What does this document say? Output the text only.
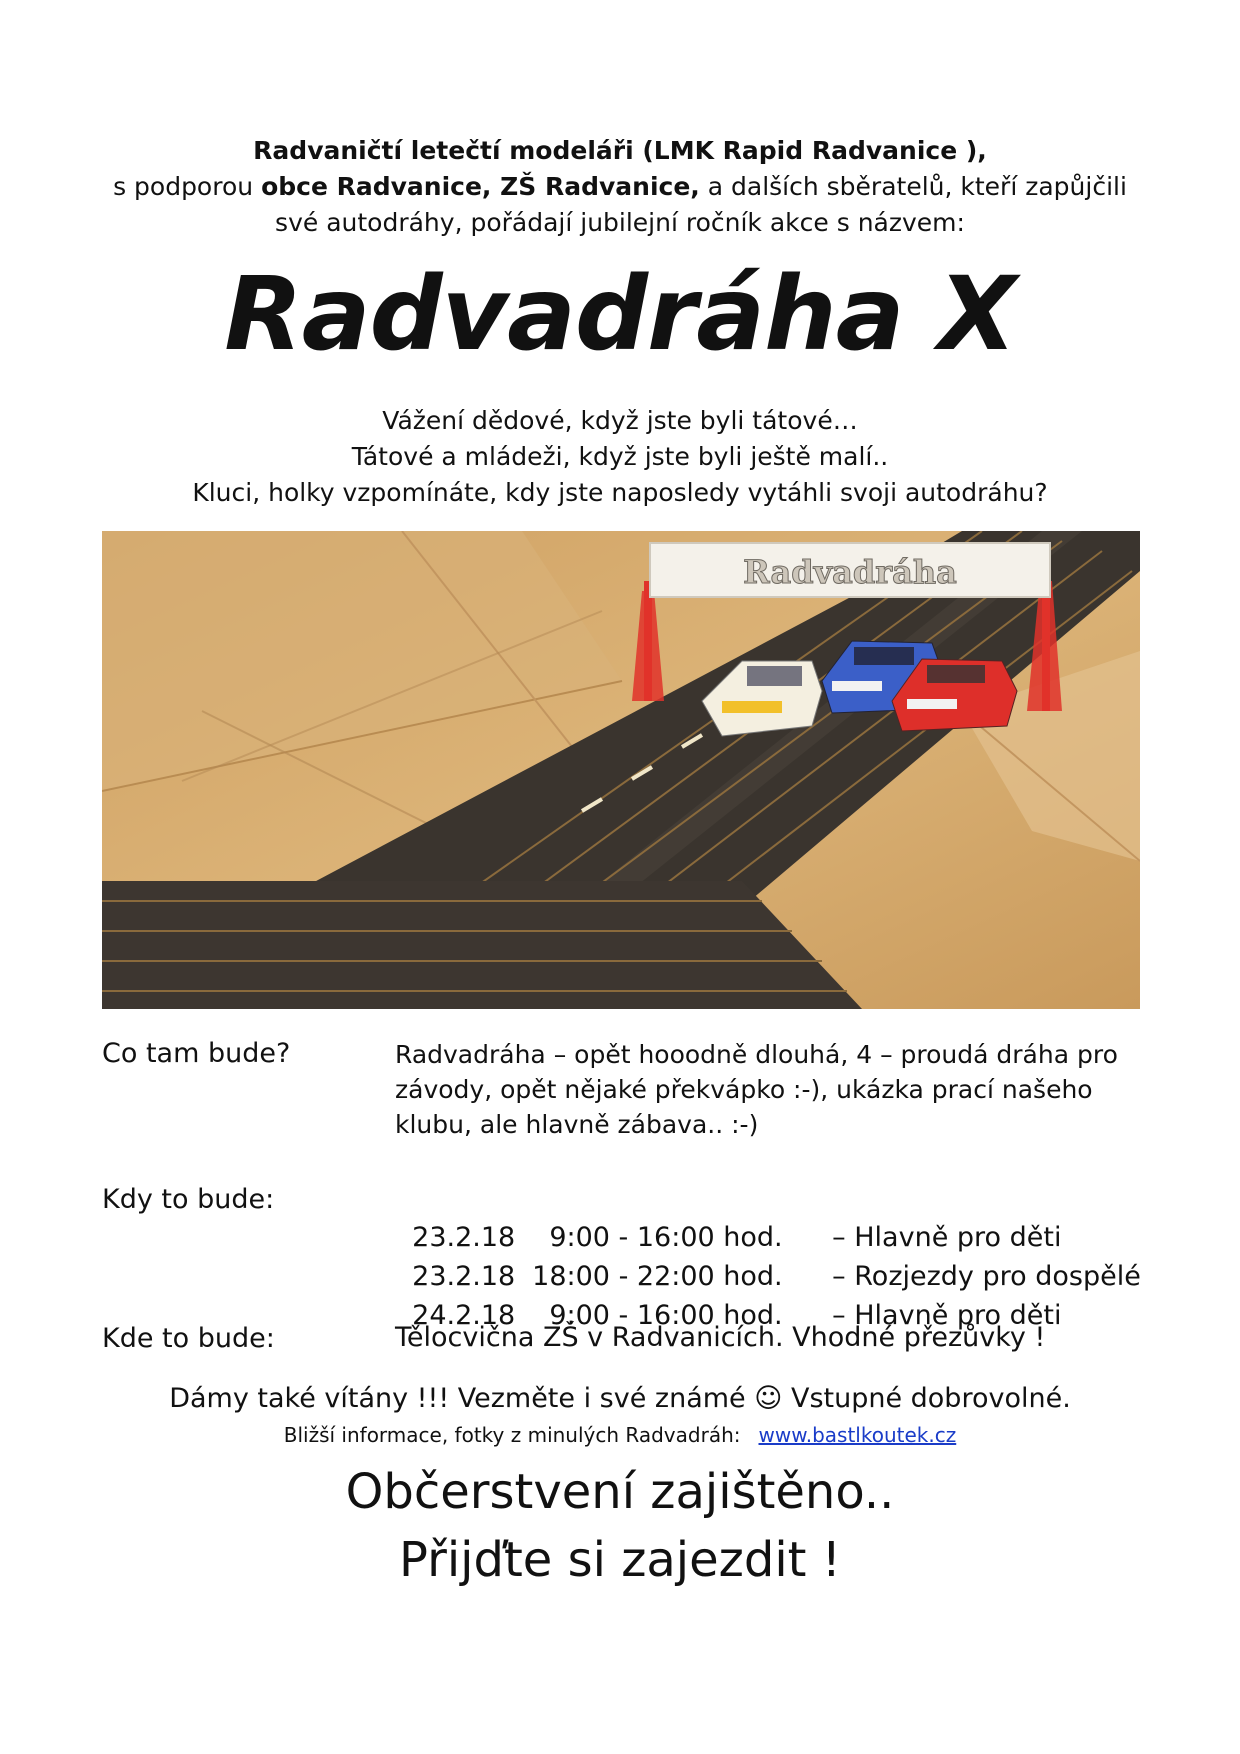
Radvaničtí letečtí modeláři (LMK Rapid Radvanice ),
s podporou obce Radvanice, ZŠ Radvanice, a dalších sběratelů, kteří zapůjčili
své autodráhy, pořádají jubilejní ročník akce s názvem:
Radvadráha X
Vážení dědové, když jste byli tátové…
Tátové a mládeži, když jste byli ještě malí..
Kluci, holky vzpomínáte, kdy jste naposledy vytáhli svoji autodráhu?
Radvadráha
Co tam bude?	Radvadráha – opět hooodně dlouhá, 4 – proudá dráha pro závody, opět nějaké překvápko :-), ukázka prací našeho klubu, ale hlavně zábava.. :-)
Kdy to bude:

23.2.18  9:00 - 16:00 hod. – Hlavně pro děti

23.2.18 18:00 - 22:00 hod. – Rozjezdy pro dospělé

24.2.18  9:00 - 16:00 hod. – Hlavně pro děti

Kde to bude:	Tělocvična ZŠ v Radvanicích. Vhodné přezůvky !
Dámy také vítány !!! Vezměte i své známé ☺ Vstupné dobrovolné.
Bližší informace, fotky z minulých Radvadráh: www.bastlkoutek.cz
Občerstvení zajištěno..
Přijďte si zajezdit !
